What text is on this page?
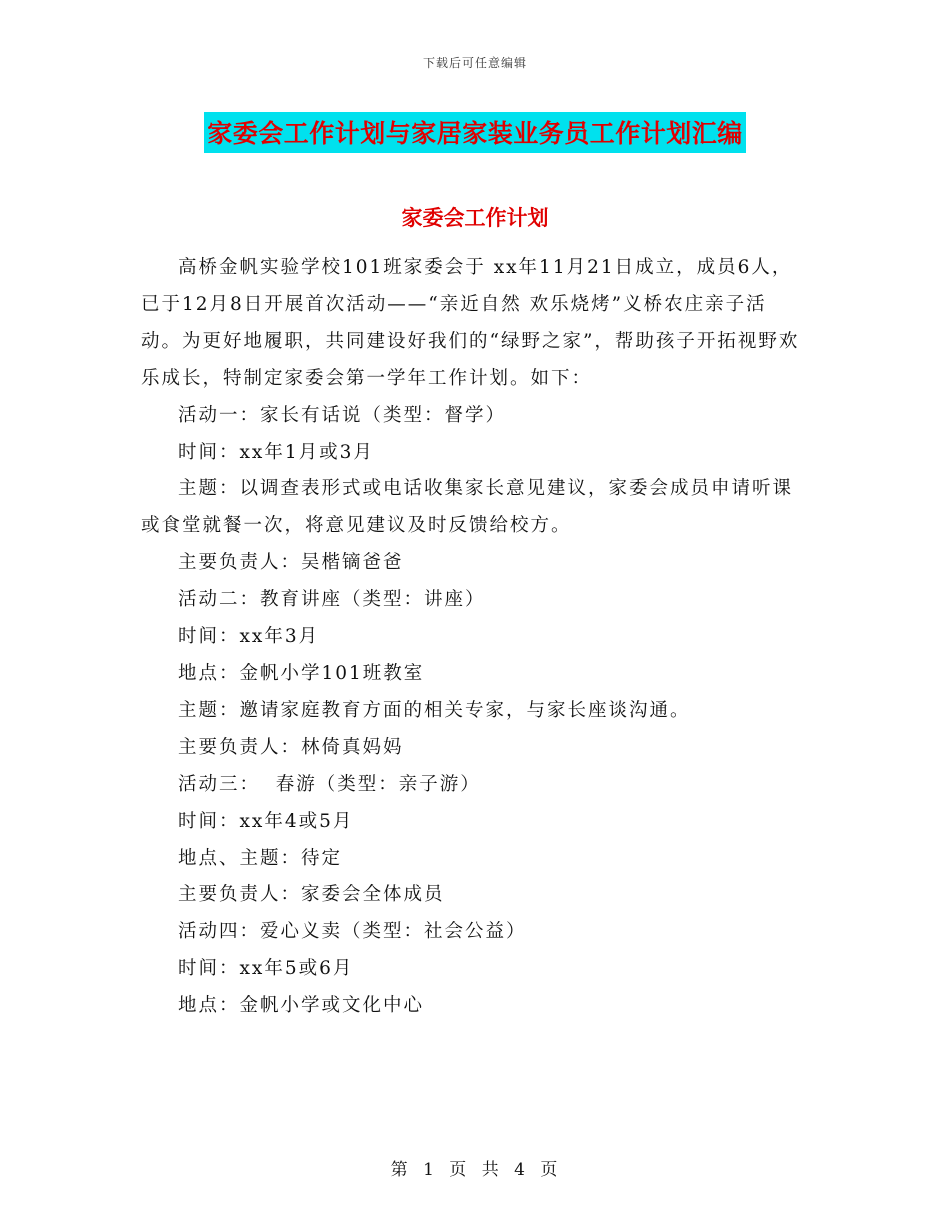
下载后可任意编辑
家委会工作计划与家居家装业务员工作计划汇编
家委会工作计划

高桥金帆实验学校101班家委会于 xx年11月21日成立，成员6人，已于12月8日开展首次活动——“亲近自然 欢乐烧烤”义桥农庄亲子活动。为更好地履职，共同建设好我们的“绿野之家”，帮助孩子开拓视野欢乐成长，特制定家委会第一学年工作计划。如下：

活动一：家长有话说（类型：督学）

时间：xx年1月或3月

主题：以调查表形式或电话收集家长意见建议，家委会成员申请听课或食堂就餐一次，将意见建议及时反馈给校方。

主要负责人：吴楷镝爸爸

活动二：教育讲座（类型：讲座）

时间：xx年3月

地点：金帆小学101班教室

主题：邀请家庭教育方面的相关专家，与家长座谈沟通。

主要负责人：林倚真妈妈

活动三：  春游（类型：亲子游）

时间：xx年4或5月

地点、主题：待定

主要负责人：家委会全体成员

活动四：爱心义卖（类型：社会公益）

时间：xx年5或6月

地点：金帆小学或文化中心

第 1 页 共 4 页
